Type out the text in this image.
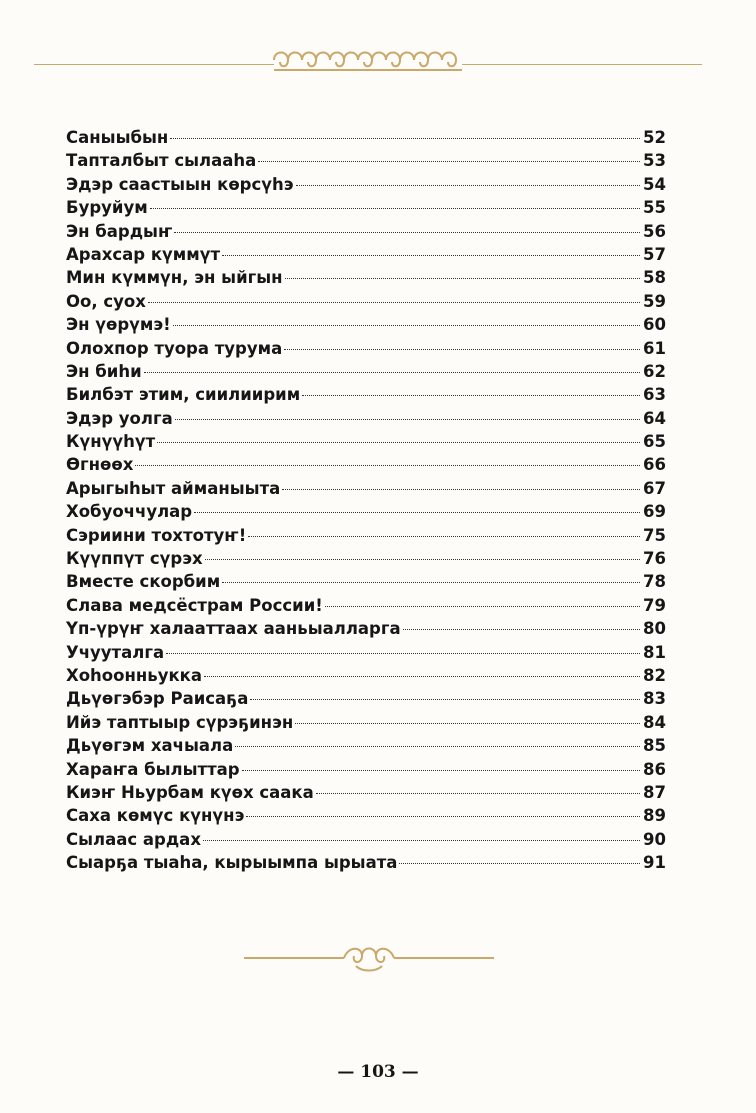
Саныыбын	52
Тапталбыт сылааһа	53
Эдэр саастыын көрсүһэ	54
Буруйум	55
Эн бардыҥ	56
Арахсар күммүт	57
Мин күммүн, эн ыйгын	58
Оо, суох	59
Эн үөрүмэ!	60
Олохпор туора турума	61
Эн биһи	62
Билбэт этим, сиилиирим	63
Эдэр уолга	64
Күнүүһүт	65
Өгнөөх	66
Арыгыһыт айманыыта	67
Хобуоччулар	69
Сэриини тохтотуҥ!	75
Күүппүт сүрэх	76
Вместе скорбим	78
Слава медсёстрам России!	79
Үп-үрүҥ халааттаах ааньыалларга	80
Учууталга	81
Хоһоонньукка	82
Дьүөгэбэр Раисаҕа	83
Ийэ таптыыр сүрэҕинэн	84
Дьүөгэм хачыала	85
Хараҥа былыттар	86
Киэҥ Ньурбам күөх саака	87
Саха көмүс күнүнэ	89
Сылаас ардах	90
Сыарҕа тыаһа, кырыымпа ырыата	91
— 103 —
